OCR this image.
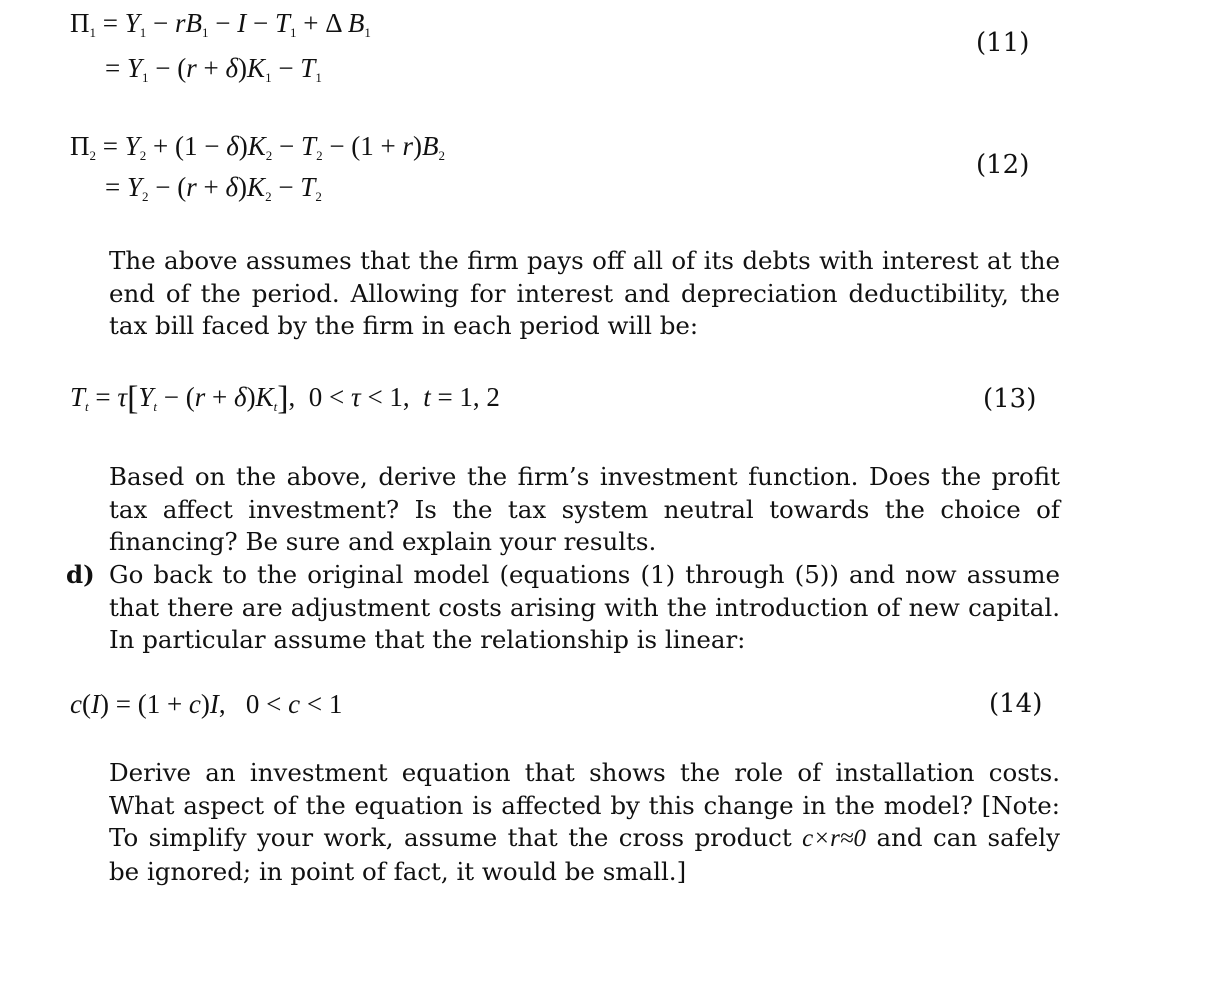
$\Pi_1 = Y_1 - rB_1 - I - T_1 + \Delta$ $B_1$
= $Y_1 - (r + \delta)K_1 - T_1$
(11)
$\Pi_2 = Y_2 + (1 - \delta)K_2 - T_2 - (1 + r)B_2$
= $Y_2 - (r + \delta)K_2 - T_2$
(12)
The above assumes that the firm pays off all of its debts with interest at the end of the period. Allowing for interest and depreciation deductibility, the tax bill faced by the firm in each period will be:
$T_t = \tau[Y_t - (r + \delta)K_t]$,  0 < τ < 1,  t = 1, 2	(13)
Based on the above, derive the firm’s investment function. Does the profit tax affect investment? Is the tax system neutral towards the choice of financing? Be sure and explain your results.
d) Go back to the original model (equations (1) through (5)) and now assume that there are adjustment costs arising with the introduction of new capital. In particular assume that the relationship is linear:
c(I) = (1 + c)I,   0 < c < 1	(14)
Derive an investment equation that shows the role of installation costs. What aspect of the equation is affected by this change in the model? [Note: To simplify your work, assume that the cross product c×r≈0 and can safely be ignored; in point of fact, it would be small.]
